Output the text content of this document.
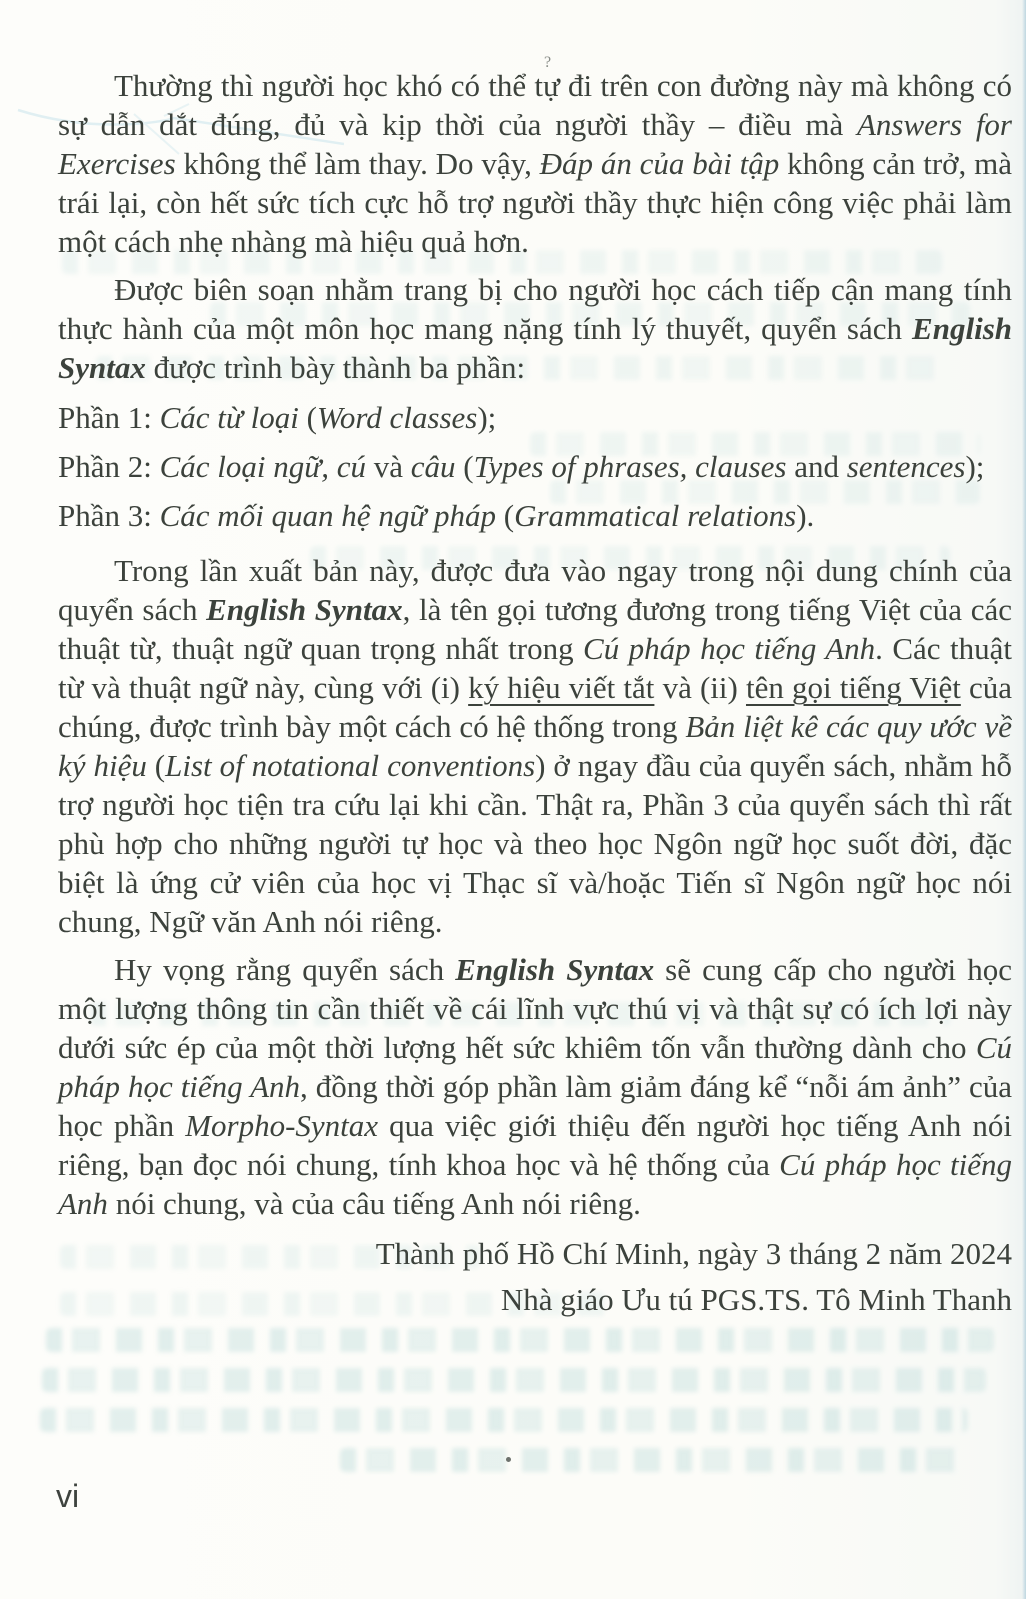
?

Thường thì người học khó có thể tự đi trên con đường này mà không có sự dẫn dắt đúng, đủ và kịp thời của người thầy – điều mà Answers for Exercises không thể làm thay. Do vậy, Đáp án của bài tập không cản trở, mà trái lại, còn hết sức tích cực hỗ trợ người thầy thực hiện công việc phải làm một cách nhẹ nhàng mà hiệu quả hơn.

Được biên soạn nhằm trang bị cho người học cách tiếp cận mang tính thực hành của một môn học mang nặng tính lý thuyết, quyển sách English Syntax được trình bày thành ba phần:

Phần 1: Các từ loại (Word classes);

Phần 2: Các loại ngữ, cú và câu (Types of phrases, clauses and sentences);

Phần 3: Các mối quan hệ ngữ pháp (Grammatical relations).

Trong lần xuất bản này, được đưa vào ngay trong nội dung chính của quyển sách English Syntax, là tên gọi tương đương trong tiếng Việt của các thuật từ, thuật ngữ quan trọng nhất trong Cú pháp học tiếng Anh. Các thuật từ và thuật ngữ này, cùng với (i) ký hiệu viết tắt và (ii) tên gọi tiếng Việt của chúng, được trình bày một cách có hệ thống trong Bản liệt kê các quy ước về ký hiệu (List of notational conventions) ở ngay đầu của quyển sách, nhằm hỗ trợ người học tiện tra cứu lại khi cần. Thật ra, Phần 3 của quyển sách thì rất phù hợp cho những người tự học và theo học Ngôn ngữ học suốt đời, đặc biệt là ứng cử viên của học vị Thạc sĩ và/hoặc Tiến sĩ Ngôn ngữ học nói chung, Ngữ văn Anh nói riêng.

Hy vọng rằng quyển sách English Syntax sẽ cung cấp cho người học một lượng thông tin cần thiết về cái lĩnh vực thú vị và thật sự có ích lợi này dưới sức ép của một thời lượng hết sức khiêm tốn vẫn thường dành cho Cú pháp học tiếng Anh, đồng thời góp phần làm giảm đáng kể “nỗi ám ảnh” của học phần Morpho-Syntax qua việc giới thiệu đến người học tiếng Anh nói riêng, bạn đọc nói chung, tính khoa học và hệ thống của Cú pháp học tiếng Anh nói chung, và của câu tiếng Anh nói riêng.

Thành phố Hồ Chí Minh, ngày 3 tháng 2 năm 2024

Nhà giáo Ưu tú PGS.TS. Tô Minh Thanh

vi
